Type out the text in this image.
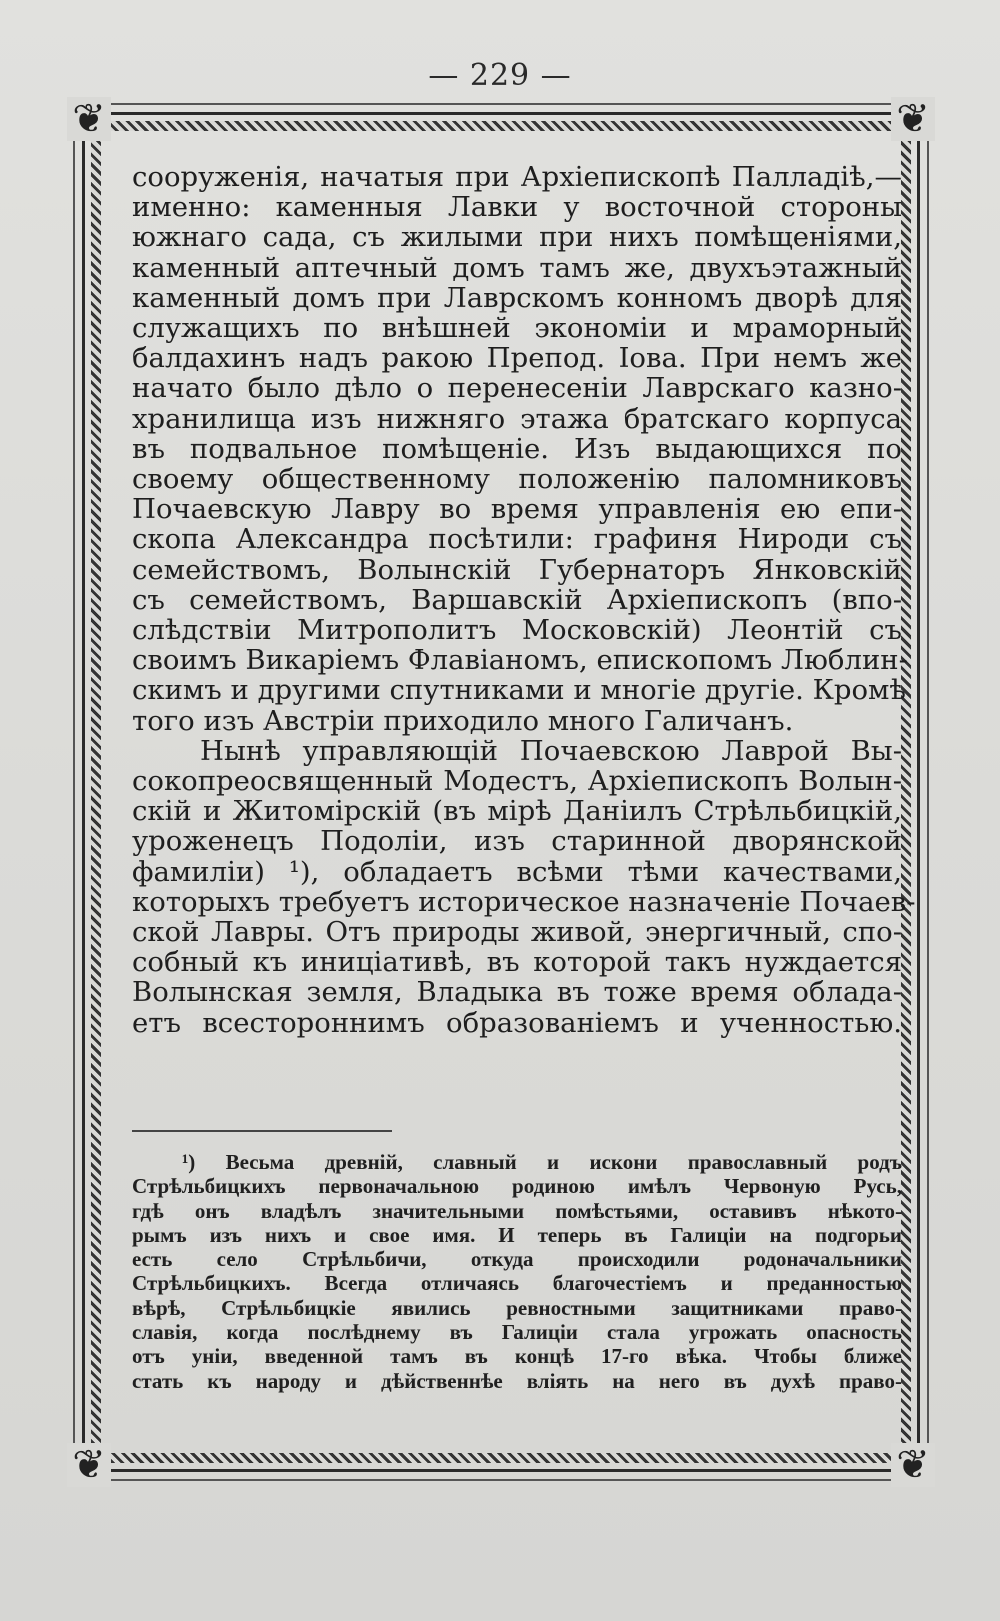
— 229 —
❦	❦
❦	❦
сооруженія, начатыя при Архіепископѣ Палладіѣ,—
именно: каменныя Лавки у восточной стороны
южнаго сада, съ жилыми при нихъ помѣщеніями,
каменный аптечный домъ тамъ же, двухъэтажный
каменный домъ при Лаврскомъ конномъ дворѣ для
служащихъ по внѣшней экономіи и мраморный
балдахинъ надъ ракою Препод. Іова. При немъ же
начато было дѣло о перенесеніи Лаврскаго казно-
хранилища изъ нижняго этажа братскаго корпуса
въ подвальное помѣщеніе. Изъ выдающихся по
своему общественному положенію паломниковъ
Почаевскую Лавру во время управленія ею епи-
скопа Александра посѣтили: графиня Нироди съ
семействомъ, Волынскій Губернаторъ Янковскій
съ семействомъ, Варшавскій Архіепископъ (впо-
слѣдствіи Митрополитъ Московскій) Леонтій съ
своимъ Викаріемъ Флавіаномъ, епископомъ Люблин-
скимъ и другими спутниками и многіе другіе. Кромѣ
того изъ Австріи приходило много Галичанъ.
Нынѣ управляющій Почаевскою Лаврой Вы-
сокопреосвященный Модестъ, Архіепископъ Волын-
скій и Житомірскій (въ мірѣ Даніилъ Стрѣльбицкій,
уроженецъ Подоліи, изъ старинной дворянской
фамиліи) ¹), обладаетъ всѣми тѣми качествами,
которыхъ требуетъ историческое назначеніе Почаев-
ской Лавры. Отъ природы живой, энергичный, спо-
собный къ иниціативѣ, въ которой такъ нуждается
Волынская земля, Владыка въ тоже время облада-
етъ всестороннимъ образованіемъ и ученностью.
¹) Весьма древній, славный и искони православный родъ
Стрѣльбицкихъ первоначальною родиною имѣлъ Червоную Русь,
гдѣ онъ владѣлъ значительными помѣстьями, оставивъ нѣкото-
рымъ изъ нихъ и свое имя. И теперь въ Галиціи на подгорьи
есть село Стрѣльбичи, откуда происходили родоначальники
Стрѣльбицкихъ. Всегда отличаясь благочестіемъ и преданностью
вѣрѣ, Стрѣльбицкіе явились ревностными защитниками право-
славія, когда послѣднему въ Галиціи стала угрожать опасность
отъ уніи, введенной тамъ въ концѣ 17-го вѣка. Чтобы ближе
стать къ народу и дѣйственнѣе вліять на него въ духѣ право-
